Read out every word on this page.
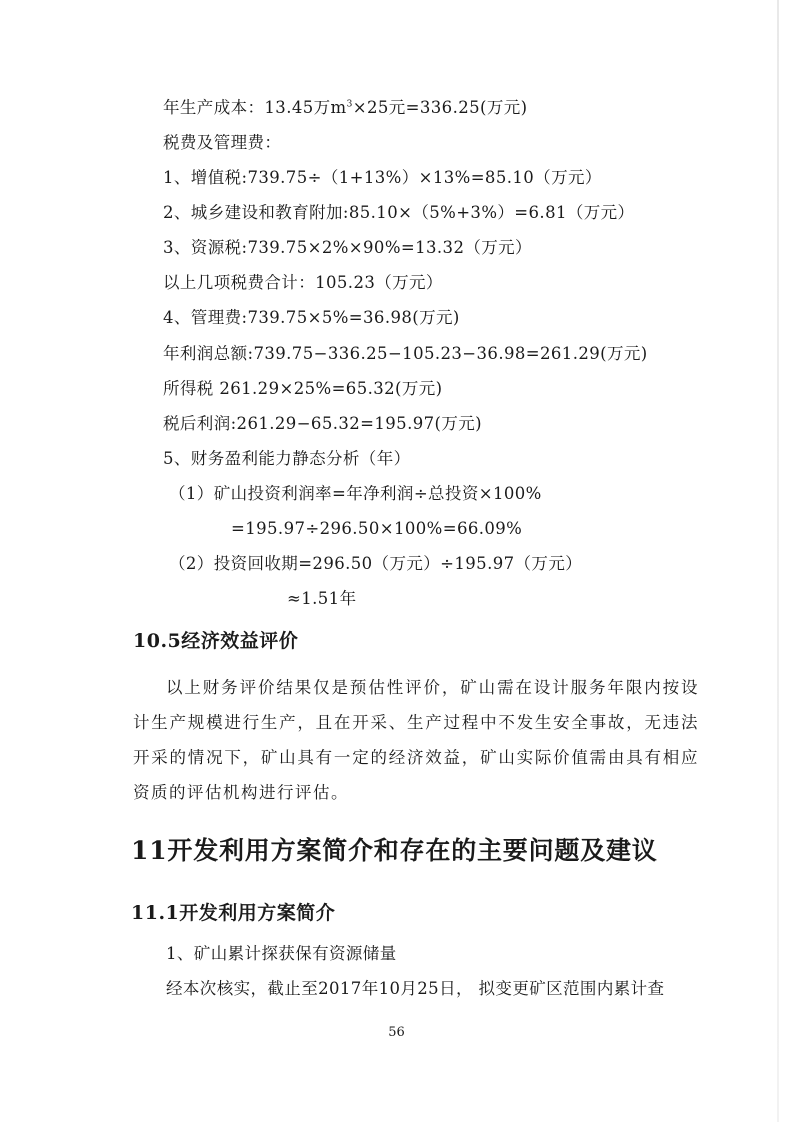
年生产成本：13.45万$m^3\times 25$元=336.25(万元)
税费及管理费：
1、增值税:739.75÷（1+13%）×13%=85.10（万元）
2、城乡建设和教育附加:85.10×（5%+3%）=6.81（万元）
3、资源税:739.75×2%×90%=13.32（万元）
以上几项税费合计：105.23（万元）
4、管理费:739.75×5%=36.98(万元)
年利润总额:739.75−336.25−105.23−36.98=261.29(万元)
所得税 261.29×25%=65.32(万元)
税后利润:261.29−65.32=195.97(万元)
5、财务盈利能力静态分析（年）
（1）矿山投资利润率=年净利润÷总投资×100%
=195.97÷296.50×100%=66.09%
（2）投资回收期=296.50（万元）÷195.97（万元）
≈1.51年
10.5经济效益评价

以上财务评价结果仅是预估性评价，矿山需在设计服务年限内按设计生产规模进行生产，且在开采、生产过程中不发生安全事故，无违法开采的情况下，矿山具有一定的经济效益，矿山实际价值需由具有相应资质的评估机构进行评估。

11开发利用方案简介和存在的主要问题及建议
11.1开发利用方案简介
1、矿山累计探获保有资源储量
经本次核实，截止至2017年10月25日， 拟变更矿区范围内累计查
56
